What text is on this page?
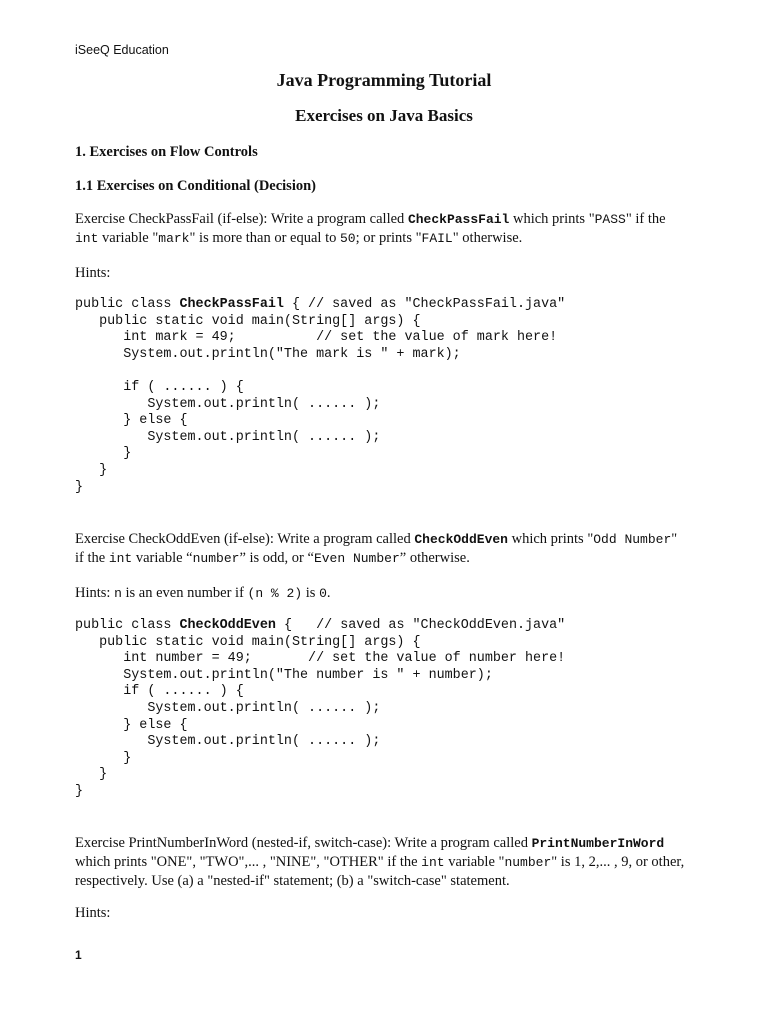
iSeeQ Education
Java Programming Tutorial
Exercises on Java Basics
1. Exercises on Flow Controls
1.1 Exercises on Conditional (Decision)
Exercise CheckPassFail (if-else): Write a program called CheckPassFail which prints "PASS" if the
int variable "mark" is more than or equal to 50; or prints "FAIL" otherwise.
Hints:
public class CheckPassFail { // saved as "CheckPassFail.java"
public static void main(String[] args) {
int mark = 49;          // set the value of mark here!
System.out.println("The mark is " + mark);

if ( ...... ) {
System.out.println( ...... );
} else {
System.out.println( ...... );
}
}
}
Exercise CheckOddEven (if-else): Write a program called CheckOddEven which prints "Odd Number"
if the int variable “number” is odd, or “Even Number” otherwise.
Hints: n is an even number if (n % 2) is 0.
public class CheckOddEven {   // saved as "CheckOddEven.java"
public static void main(String[] args) {
int number = 49;       // set the value of number here!
System.out.println("The number is " + number);
if ( ...... ) {
System.out.println( ...... );
} else {
System.out.println( ...... );
}
}
}
Exercise PrintNumberInWord (nested-if, switch-case): Write a program called PrintNumberInWord
which prints "ONE", "TWO",... , "NINE", "OTHER" if the int variable "number" is 1, 2,... , 9, or other,
respectively. Use (a) a "nested-if" statement; (b) a "switch-case" statement.
Hints:
1
